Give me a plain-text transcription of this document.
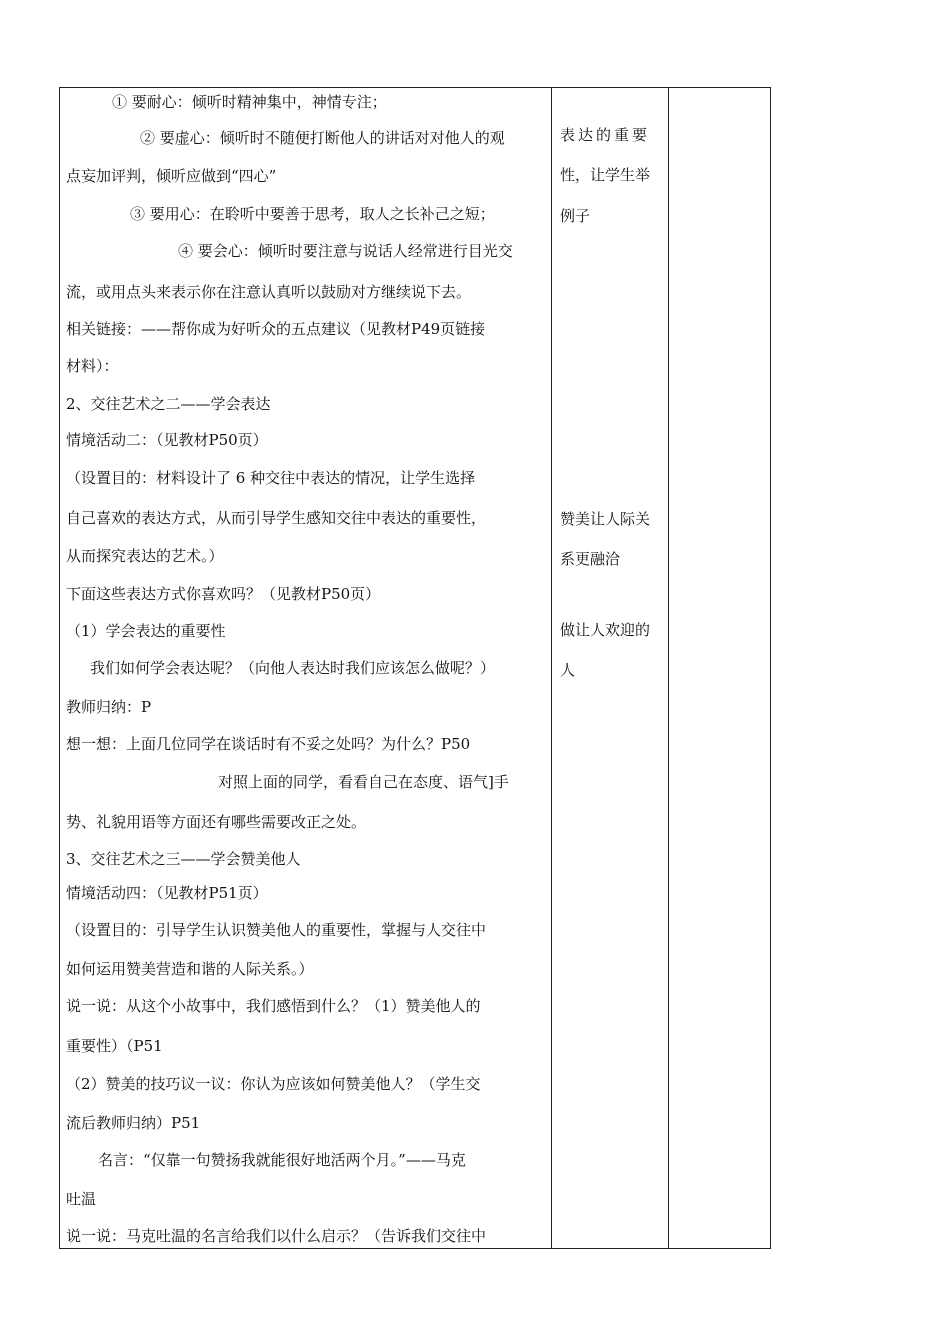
① 要耐心：倾听时精神集中，神情专注；
② 要虚心：倾听时不随便打断他人的讲话对对他人的观
点妄加评判，倾听应做到“四心”
③ 要用心：在聆听中要善于思考，取人之长补己之短；
④ 要会心：倾听时要注意与说话人经常进行目光交
流，或用点头来表示你在注意认真听以鼓励对方继续说下去。
相关链接：——帮你成为好听众的五点建议（见教材P49页链接
材料）：
2、交往艺术之二——学会表达
情境活动二：（见教材P50页）
（设置目的：材料设计了 6 种交往中表达的情况，让学生选择
自己喜欢的表达方式，从而引导学生感知交往中表达的重要性，
从而探究表达的艺术。）
下面这些表达方式你喜欢吗？（见教材P50页）
（1）学会表达的重要性
我们如何学会表达呢？（向他人表达时我们应该怎么做呢？）
教师归纳：P
想一想：上面几位同学在谈话时有不妥之处吗？为什么？P50
对照上面的同学，看看自己在态度、语气]手
势、礼貌用语等方面还有哪些需要改正之处。
3、交往艺术之三——学会赞美他人
情境活动四：（见教材P51页）
（设置目的：引导学生认识赞美他人的重要性，掌握与人交往中
如何运用赞美营造和谐的人际关系。）
说一说：从这个小故事中，我们感悟到什么？（1）赞美他人的
重要性）（P51
（2）赞美的技巧议一议：你认为应该如何赞美他人？（学生交
流后教师归纳）P51
名言：“仅靠一句赞扬我就能很好地活两个月。”——马克
吐温
说一说：马克吐温的名言给我们以什么启示？（告诉我们交往中
表达的重要
性，让学生举
例子
赞美让人际关
系更融洽
做让人欢迎的
人
